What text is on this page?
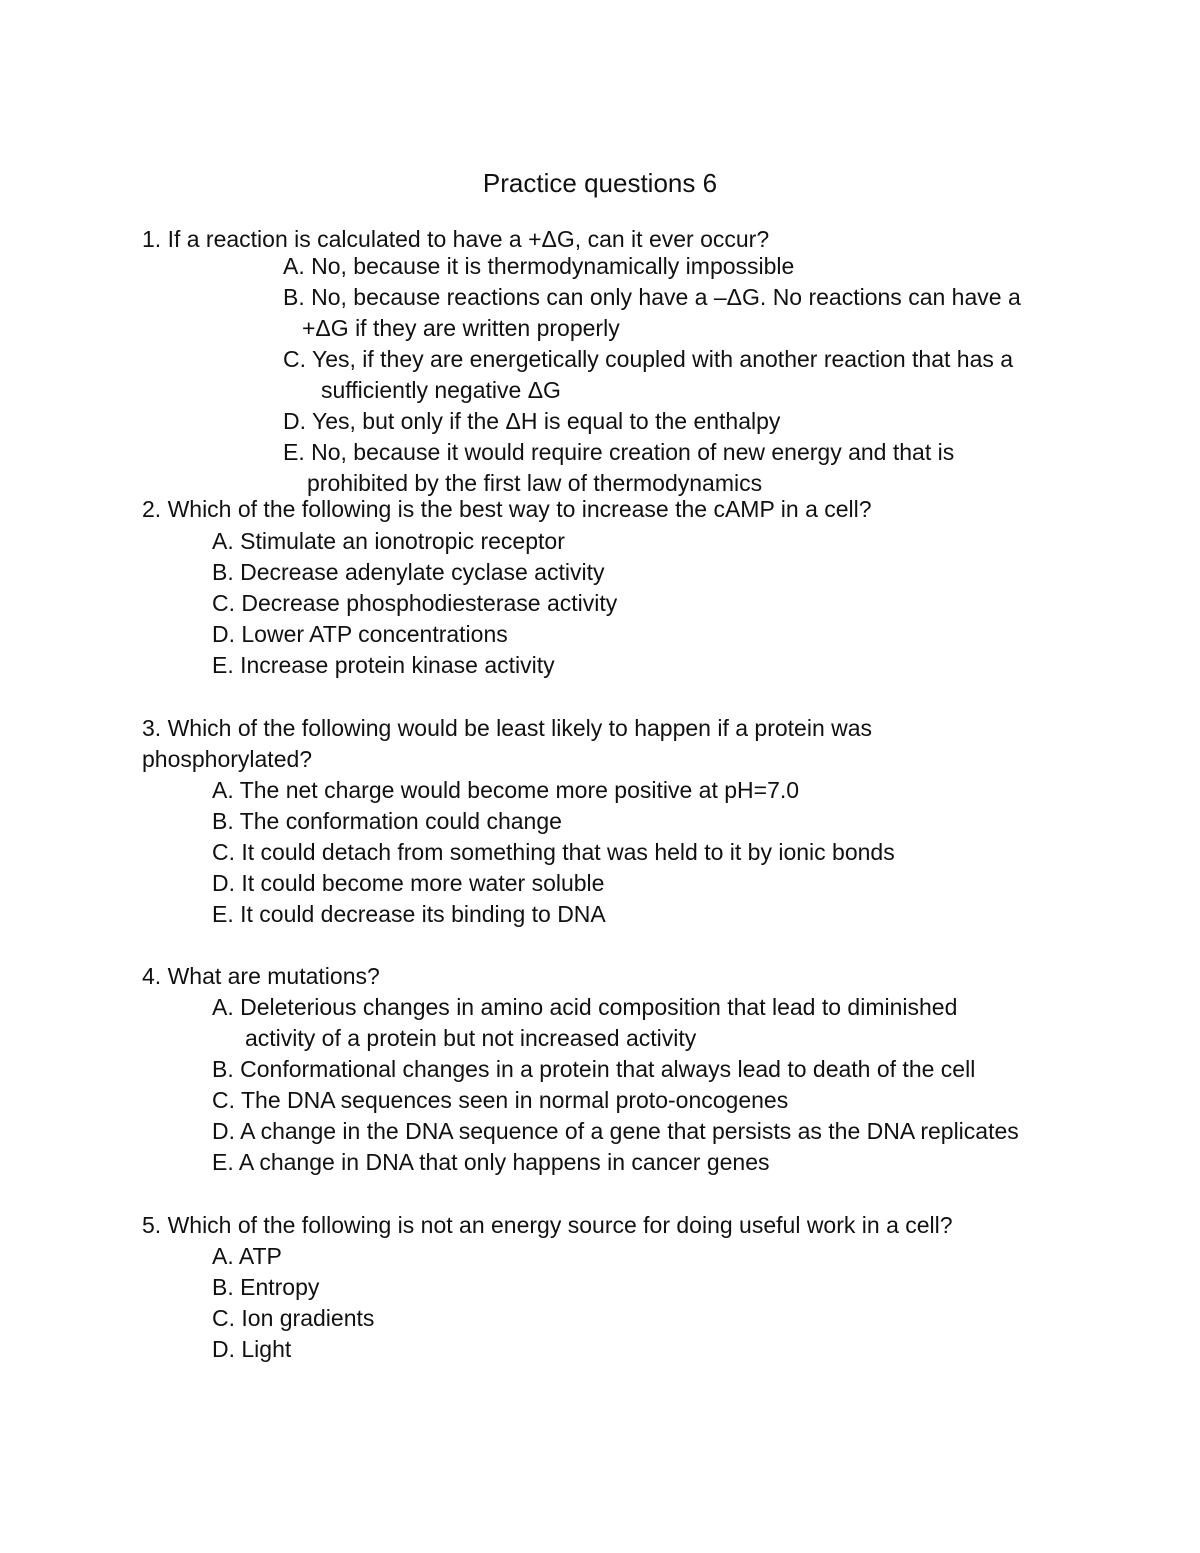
Practice questions 6
1. If a reaction is calculated to have a +ΔG, can it ever occur?
A. No, because it is thermodynamically impossible
B. No, because reactions can only have a –ΔG. No reactions can have a
+ΔG if they are written properly
C. Yes, if they are energetically coupled with another reaction that has a
sufficiently negative ΔG
D. Yes, but only if the ΔH is equal to the enthalpy
E. No, because it would require creation of new energy and that is
prohibited by the first law of thermodynamics
2. Which of the following is the best way to increase the cAMP in a cell?
A. Stimulate an ionotropic receptor
B. Decrease adenylate cyclase activity
C. Decrease phosphodiesterase activity
D. Lower ATP concentrations
E. Increase protein kinase activity
3. Which of the following would be least likely to happen if a protein was
phosphorylated?
A. The net charge would become more positive at pH=7.0
B. The conformation could change
C. It could detach from something that was held to it by ionic bonds
D. It could become more water soluble
E. It could decrease its binding to DNA
4. What are mutations?
A. Deleterious changes in amino acid composition that lead to diminished
activity of a protein but not increased activity
B. Conformational changes in a protein that always lead to death of the cell
C. The DNA sequences seen in normal proto-oncogenes
D. A change in the DNA sequence of a gene that persists as the DNA replicates
E. A change in DNA that only happens in cancer genes
5. Which of the following is not an energy source for doing useful work in a cell?
A. ATP
B. Entropy
C. Ion gradients
D. Light
